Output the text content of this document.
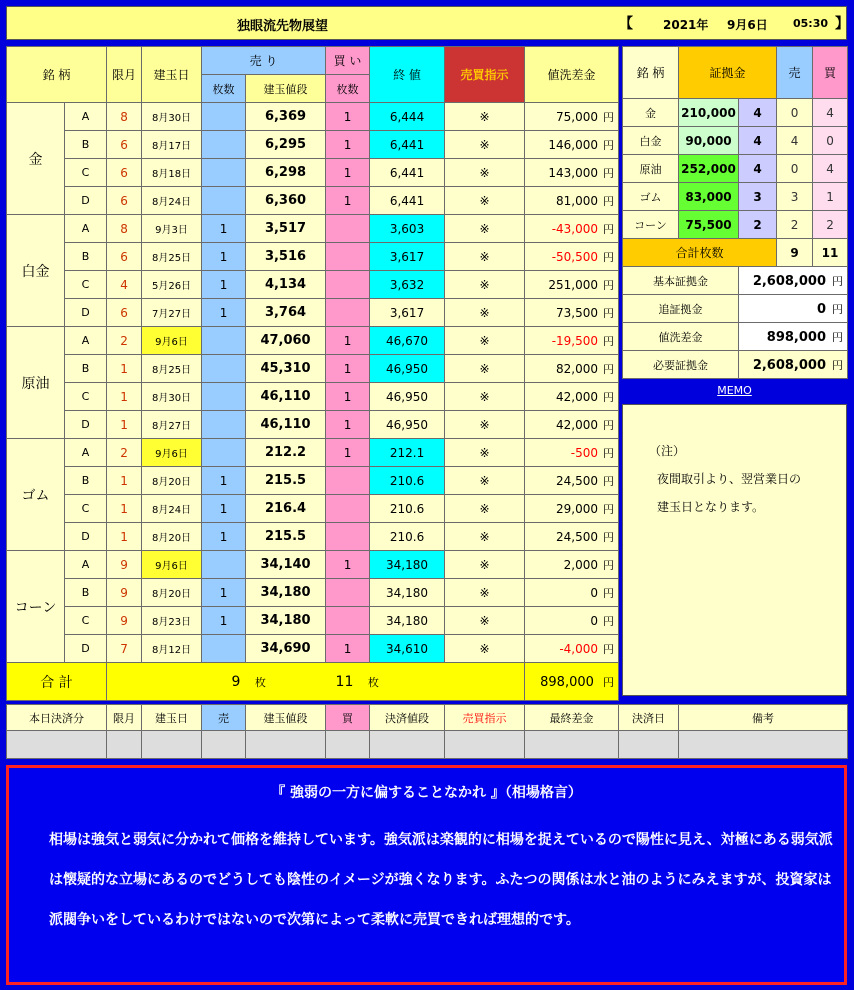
独眼流先物展望	【	2021年 9月6日 05:30 】
銘 柄		限月	建玉日	売 り		買 い	終 値	売買指示	値洗差金
				枚数	建玉値段	枚数			
金	A	8	8月30日		6,369	1	6,444	※	75,000 円
	B	6	8月17日		6,295	1	6,441	※	146,000 円
	C	6	8月18日		6,298	1	6,441	※	143,000 円
	D	6	8月24日		6,360	1	6,441	※	81,000 円
白金	A	8	9月3日	1	3,517		3,603	※	-43,000 円
	B	6	8月25日	1	3,516		3,617	※	-50,500 円
	C	4	5月26日	1	4,134		3,632	※	251,000 円
	D	6	7月27日	1	3,764		3,617	※	73,500 円
原油	A	2	9月6日		47,060	1	46,670	※	-19,500 円
	B	1	8月25日		45,310	1	46,950	※	82,000 円
	C	1	8月30日		46,110	1	46,950	※	42,000 円
	D	1	8月27日		46,110	1	46,950	※	42,000 円
ゴム	A	2	9月6日		212.2	1	212.1	※	-500 円
	B	1	8月20日	1	215.5		210.6	※	24,500 円
	C	1	8月24日	1	216.4		210.6	※	29,000 円
	D	1	8月20日	1	215.5		210.6	※	24,500 円
コーン	A	9	9月6日		34,140	1	34,180	※	2,000 円
	B	9	8月20日	1	34,180		34,180	※	0 円
	C	9	8月23日	1	34,180		34,180	※	0 円
	D	7	8月12日		34,690	1	34,610	※	-4,000 円
合 計			9 枚			11 枚			898,000 円
銘 柄	証拠金		売	買
金	210,000	4	0	4
白金	90,000	4	4	0
原油	252,000	4	0	4
ゴム	83,000	3	3	1
コーン	75,500	2	2	2
合計枚数			9	11
基本証拠金		2,608,000 円		
追証拠金		0 円		
値洗差金		898,000 円		
必要証拠金		2,608,000 円		
MEMO
（注）
夜間取引より、翌営業日の
建玉日となります。
本日決済分	限月	建玉日	売	建玉値段	買	決済値段	売買指示	最終差金	決済日	備考

『 強弱の一方に偏することなかれ 』（相場格言）
相場は強気と弱気に分かれて価格を維持しています。強気派は楽観的に相場を捉えているので陽性に見え、対極にある弱気派は懐疑的な立場にあるのでどうしても陰性のイメージが強くなります。ふたつの関係は水と油のようにみえますが、投資家は派閥争いをしているわけではないので次第によって柔軟に売買できれば理想的です。
